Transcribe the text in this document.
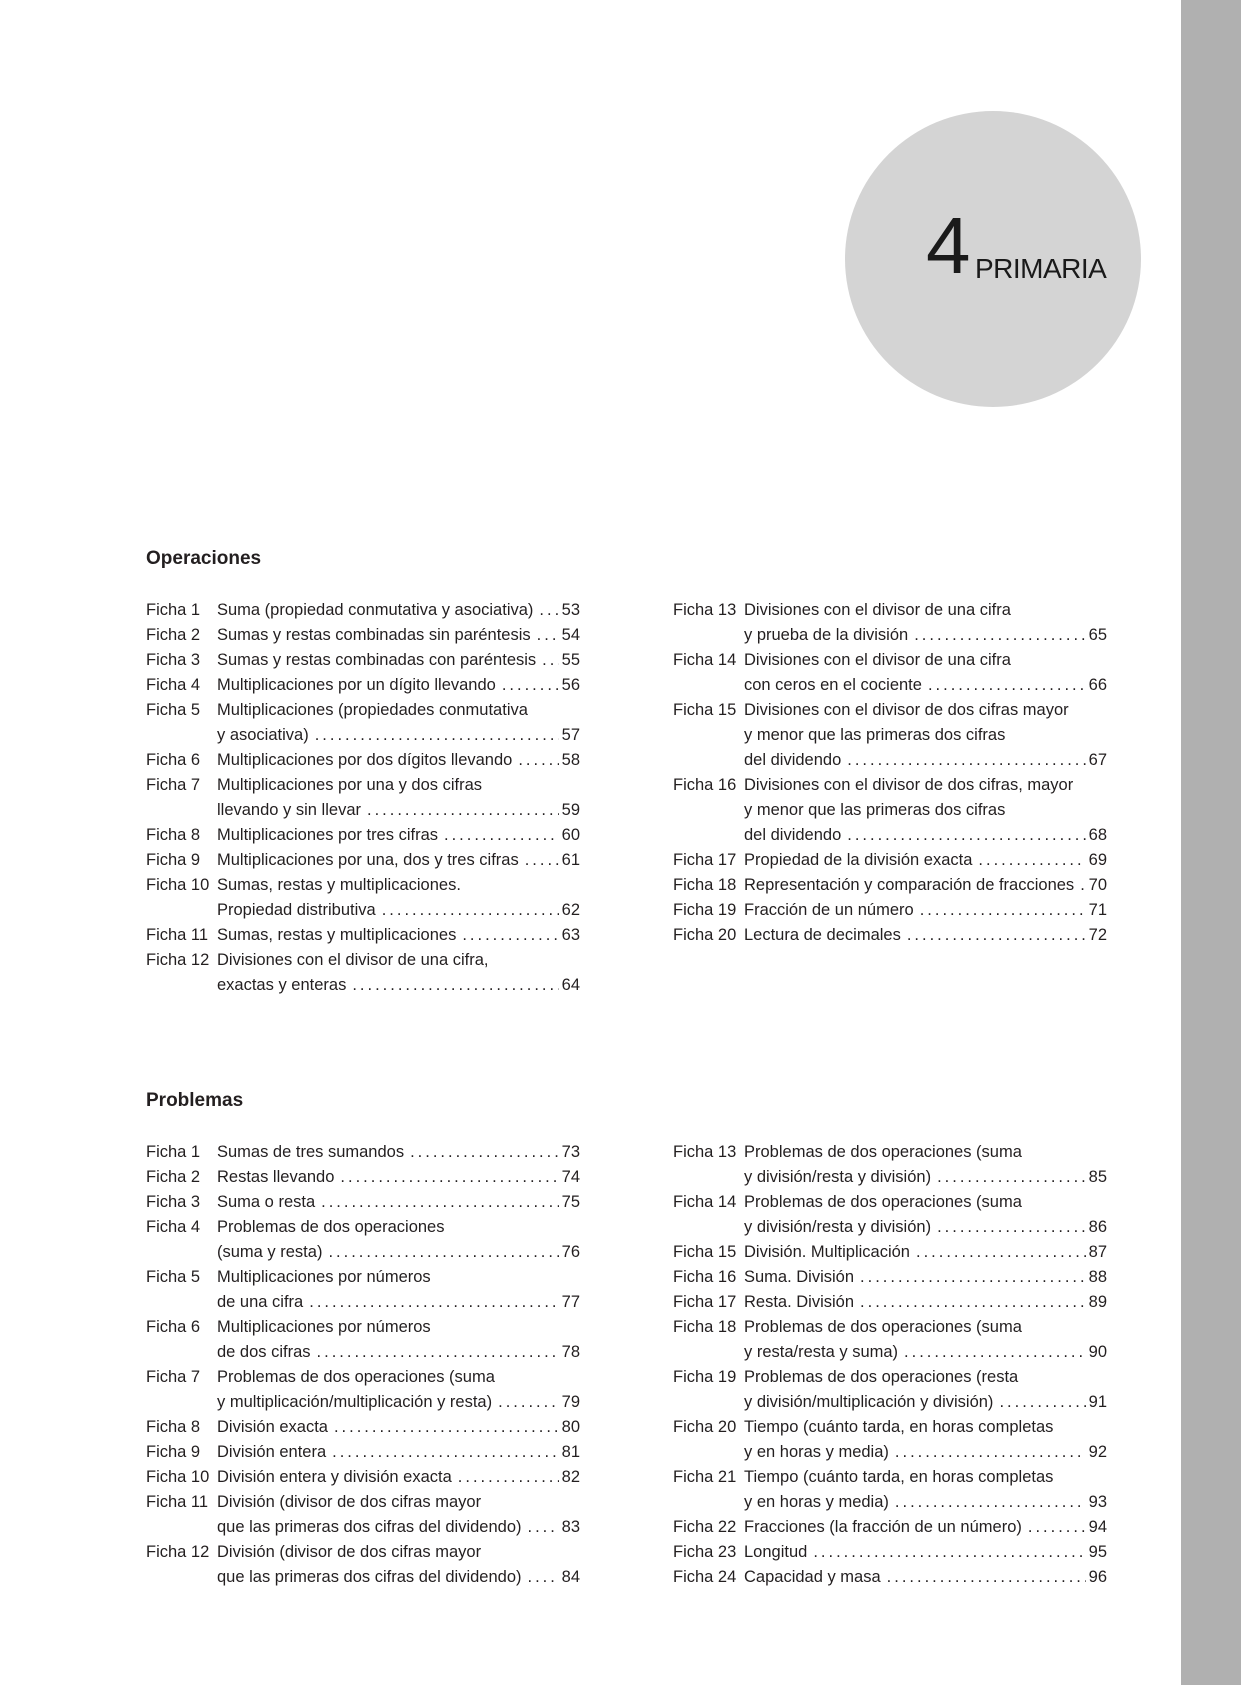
4 PRIMARIA
Operaciones
Ficha 1	Suma (propiedad conmutativa y asociativa) ..... 53
Ficha 2	Sumas y restas combinadas sin paréntesis ..... 54
Ficha 3	Sumas y restas combinadas con paréntesis ..... 55
Ficha 4	Multiplicaciones por un dígito llevando .....	56
Ficha 5	Multiplicaciones (propiedades conmutativa
y asociativa) .....	57
Ficha 6	Multiplicaciones por dos dígitos llevando .....	58
Ficha 7	Multiplicaciones por una y dos cifras
llevando y sin llevar .....	59
Ficha 8	Multiplicaciones por tres cifras .....	60
Ficha 9	Multiplicaciones por una, dos y tres cifras .....	61
Ficha 10 Sumas, restas y multiplicaciones.
Propiedad distributiva .....	62
Ficha 11 Sumas, restas y multiplicaciones .....	63
Ficha 12 Divisiones con el divisor de una cifra,
exactas y enteras .....	64
Ficha 13 Divisiones con el divisor de una cifra
y prueba de la división .....	65
Ficha 14 Divisiones con el divisor de una cifra
con ceros en el cociente .....	66
Ficha 15 Divisiones con el divisor de dos cifras mayor
y menor que las primeras dos cifras
del dividendo .....	67
Ficha 16 Divisiones con el divisor de dos cifras, mayor
y menor que las primeras dos cifras
del dividendo .....	68
Ficha 17 Propiedad de la división exacta .....	69
Ficha 18 Representación y comparación de fracciones ..... 70
Ficha 19 Fracción de un número .....	71
Ficha 20 Lectura de decimales .....	72
Problemas
Ficha 1	Sumas de tres sumandos .....	73
Ficha 2	Restas llevando .....	74
Ficha 3	Suma o resta .....	75
Ficha 4	Problemas de dos operaciones
(suma y resta) .....	76
Ficha 5	Multiplicaciones por números
de una cifra .....	77
Ficha 6	Multiplicaciones por números
de dos cifras .....	78
Ficha 7	Problemas de dos operaciones (suma
y multiplicación/multiplicación y resta) .....	79
Ficha 8	División exacta .....	80
Ficha 9	División entera .....	81
Ficha 10 División entera y división exacta .....	82
Ficha 11 División (divisor de dos cifras mayor
que las primeras dos cifras del dividendo) ..... 83
Ficha 12 División (divisor de dos cifras mayor
que las primeras dos cifras del dividendo) ..... 84
Ficha 13 Problemas de dos operaciones (suma
y división/resta y división) .....	85
Ficha 14 Problemas de dos operaciones (suma
y división/resta y división) .....	86
Ficha 15 División. Multiplicación .....	87
Ficha 16 Suma. División .....	88
Ficha 17 Resta. División .....	89
Ficha 18 Problemas de dos operaciones (suma
y resta/resta y suma) .....	90
Ficha 19 Problemas de dos operaciones (resta
y división/multiplicación y división) .....	91
Ficha 20 Tiempo (cuánto tarda, en horas completas
y en horas y media) .....	92
Ficha 21 Tiempo (cuánto tarda, en horas completas
y en horas y media) .....	93
Ficha 22 Fracciones (la fracción de un número) .....	94
Ficha 23 Longitud .....	95
Ficha 24 Capacidad y masa .....	96
